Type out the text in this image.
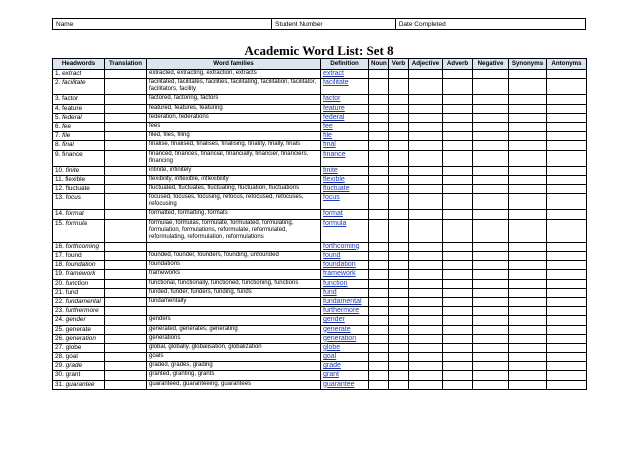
Name	Student Number	Date Completed
Academic Word List: Set 8
Headwords	Translation	Word families	Definition	Noun	Verb	Adjective	Adverb	Negative	Synonyms	Antonyms
1. extract		extracted, extracting, extraction, extracts	extract							
2. facilitate		facilitated, facilitates, facilities, facilitating, facilitation, facilitator, facilitators, facility	facilitate							
3. factor		factored, factoring, factors	factor							
4. feature		featured, features, featuring	feature							
5. federal		federation, federations	federal							
6. fee		fees	fee							
7. file		filed, files, filing	file							
8. final		finalise, finalised, finalises, finalising, finality, finally, finals	final							
9. finance		financed, finances, financial, financially, financier, financiers, financing	finance							
10. finite		infinite, infinitely	finite							
11. flexible		flexibility, inflexible, inflexibility	flexible							
12. fluctuate		fluctuated, fluctuates, fluctuating, fluctuation, fluctuations	fluctuate							
13. focus		focused, focuses, focusing, refocus, refocused, refocuses, refocusing	focus							
14. format		formatted, formatting, formats	format							
15. formula		formulae, formulas, formulate, formulated, formulating, formulation, formulations, reformulate, reformulated, reformulating, reformulation, reformulations	formula							
16. forthcoming			forthcoming							
17. found		founded, founder, founders, founding, unfounded	found							
18. foundation		foundations	foundation							
19. framework		frameworks	framework							
20. function		functional, functionally, functioned, functioning, functions	function							
21. fund		funded, funder, funders, funding, funds	fund							
22. fundamental		fundamentally	fundamental							
23. furthermore			furthermore							
24. gender		genders	gender							
25. generate		generated, generates, generating	generate							
26. generation		generations	generation							
27. globe		global, globally, globalisation, globalization	globe							
28. goal		goals	goal							
29. grade		graded, grades, grading	grade							
30. grant		granted, granting, grants	grant							
31. guarantee		guaranteed, guaranteeing, guarantees	guarantee							
